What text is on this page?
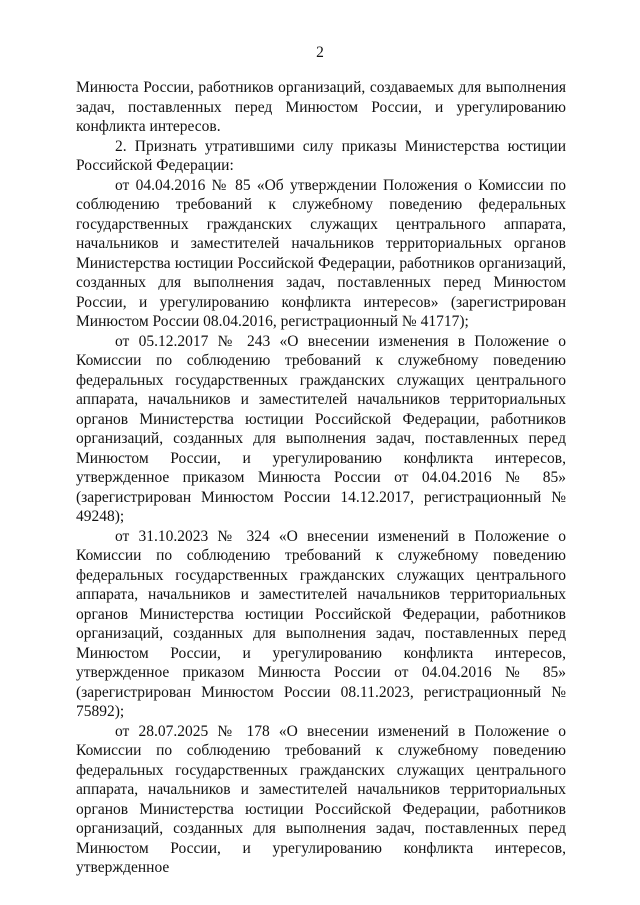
2

Минюста России, работников организаций, создаваемых для выполнения задач, поставленных перед Минюстом России, и урегулированию конфликта интересов.

2. Признать утратившими силу приказы Министерства юстиции Российской Федерации:

от 04.04.2016 № 85 «Об утверждении Положения о Комиссии по соблюдению требований к служебному поведению федеральных государственных гражданских служащих центрального аппарата, начальников и заместителей начальников территориальных органов Министерства юстиции Российской Федерации, работников организаций, созданных для выполнения задач, поставленных перед Минюстом России, и урегулированию конфликта интересов» (зарегистрирован Минюстом России 08.04.2016, регистрационный № 41717);

от 05.12.2017 № 243 «О внесении изменения в Положение о Комиссии по соблюдению требований к служебному поведению федеральных государственных гражданских служащих центрального аппарата, начальников и заместителей начальников территориальных органов Министерства юстиции Российской Федерации, работников организаций, созданных для выполнения задач, поставленных перед Минюстом России, и урегулированию конфликта интересов, утвержденное приказом Минюста России от 04.04.2016 № 85» (зарегистрирован Минюстом России 14.12.2017, регистрационный № 49248);

от 31.10.2023 № 324 «О внесении изменений в Положение о Комиссии по соблюдению требований к служебному поведению федеральных государственных гражданских служащих центрального аппарата, начальников и заместителей начальников территориальных органов Министерства юстиции Российской Федерации, работников организаций, созданных для выполнения задач, поставленных перед Минюстом России, и урегулированию конфликта интересов, утвержденное приказом Минюста России от 04.04.2016 № 85» (зарегистрирован Минюстом России 08.11.2023, регистрационный № 75892);

от 28.07.2025 № 178 «О внесении изменений в Положение о Комиссии по соблюдению требований к служебному поведению федеральных государственных гражданских служащих центрального аппарата, начальников и заместителей начальников территориальных органов Министерства юстиции Российской Федерации, работников организаций, созданных для выполнения задач, поставленных перед Минюстом России, и урегулированию конфликта интересов, утвержденное
